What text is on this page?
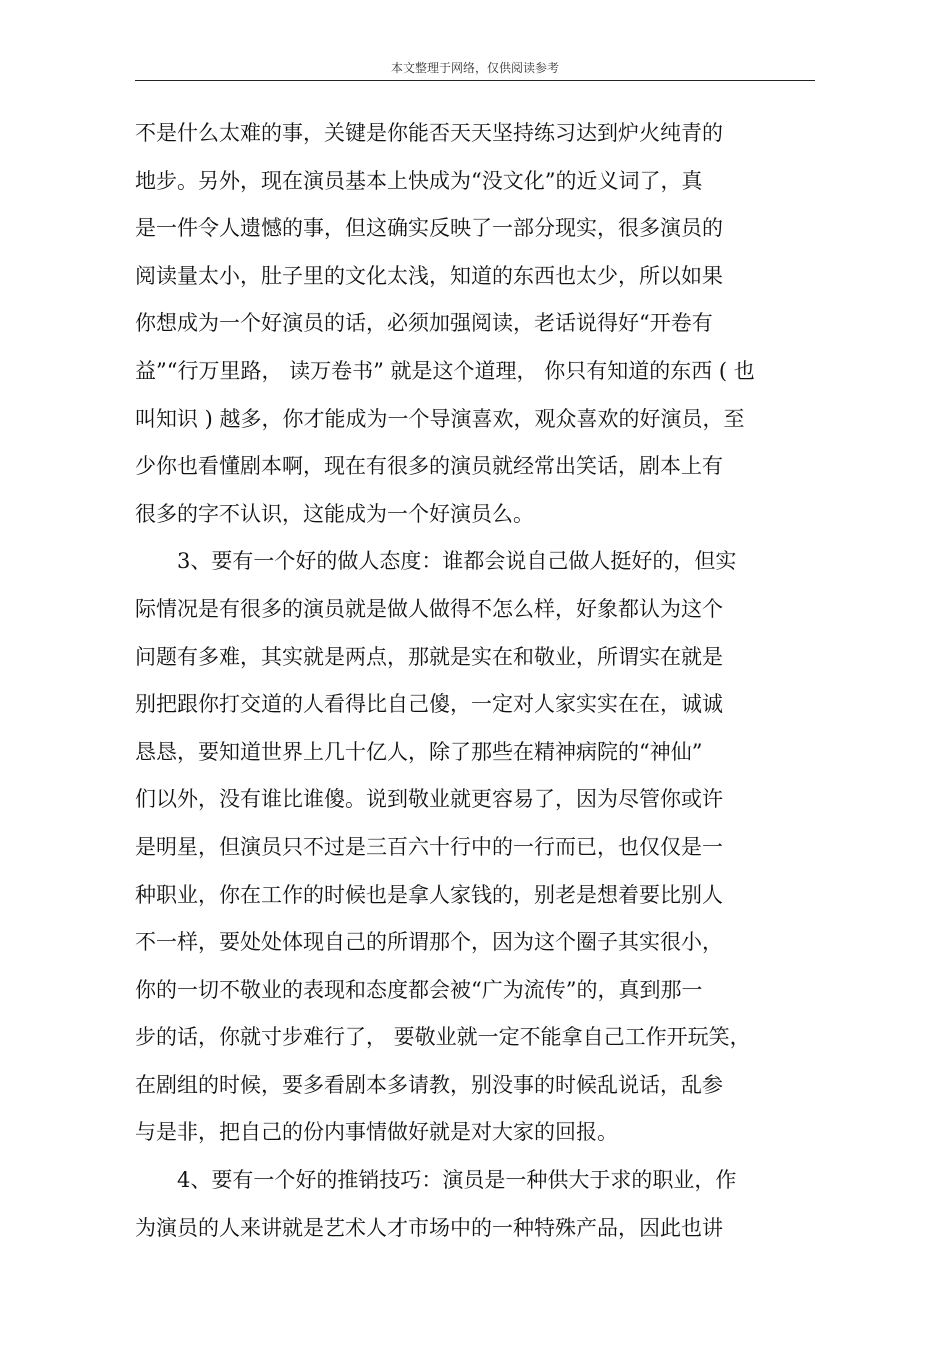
本文整理于网络，仅供阅读参考
不是什么太难的事，关键是你能否天天坚持练习达到炉火纯青的
地步。另外，现在演员基本上快成为“没文化”的近义词了，真
是一件令人遗憾的事，但这确实反映了一部分现实，很多演员的
阅读量太小，肚子里的文化太浅，知道的东西也太少，所以如果
你想成为一个好演员的话，必须加强阅读，老话说得好“开卷有
益”“行万里路， 读万卷书” 就是这个道理， 你只有知道的东西 ( 也
叫知识 ) 越多，你才能成为一个导演喜欢，观众喜欢的好演员，至
少你也看懂剧本啊，现在有很多的演员就经常出笑话，剧本上有
很多的字不认识，这能成为一个好演员么。
3、要有一个好的做人态度：谁都会说自己做人挺好的，但实
际情况是有很多的演员就是做人做得不怎么样，好象都认为这个
问题有多难，其实就是两点，那就是实在和敬业，所谓实在就是
别把跟你打交道的人看得比自己傻，一定对人家实实在在，诚诚
恳恳，要知道世界上几十亿人，除了那些在精神病院的“神仙”
们以外，没有谁比谁傻。说到敬业就更容易了，因为尽管你或许
是明星，但演员只不过是三百六十行中的一行而已，也仅仅是一
种职业，你在工作的时候也是拿人家钱的，别老是想着要比别人
不一样，要处处体现自己的所谓那个，因为这个圈子其实很小，
你的一切不敬业的表现和态度都会被“广为流传”的，真到那一
步的话，你就寸步难行了， 要敬业就一定不能拿自己工作开玩笑，
在剧组的时候，要多看剧本多请教，别没事的时候乱说话，乱参
与是非，把自己的份内事情做好就是对大家的回报。
4、要有一个好的推销技巧：演员是一种供大于求的职业，作
为演员的人来讲就是艺术人才市场中的一种特殊产品，因此也讲
